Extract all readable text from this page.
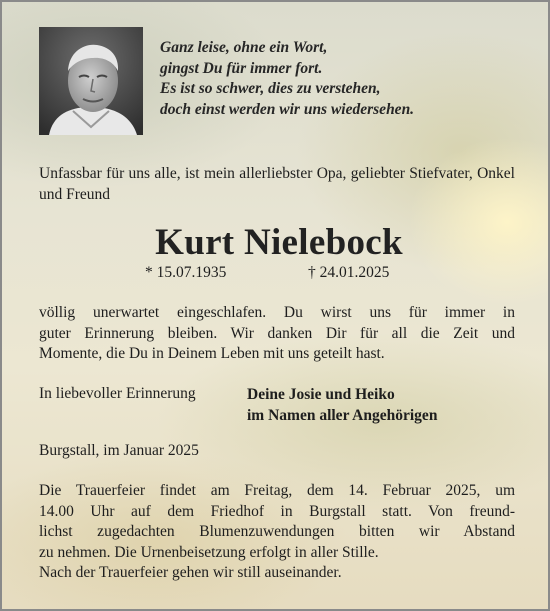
Ganz leise, ohne ein Wort,
gingst Du für immer fort.
Es ist so schwer, dies zu verstehen,
doch einst werden wir uns wiedersehen.
Unfassbar für uns alle, ist mein allerliebster Opa, geliebter Stiefvater, Onkel und Freund
Kurt Nielebock
* 15.07.1935	† 24.01.2025
völlig unerwartet eingeschlafen. Du wirst uns für immer in
guter Erinnerung bleiben. Wir danken Dir für all die Zeit und
Momente, die Du in Deinem Leben mit uns geteilt hast.
In liebevoller Erinnerung	Deine Josie und Heiko
im Namen aller Angehörigen
Burgstall, im Januar 2025
Die Trauerfeier findet am Freitag, dem 14. Februar 2025, um
14.00 Uhr auf dem Friedhof in Burgstall statt. Von freund-
lichst zugedachten Blumenzuwendungen bitten wir Abstand
zu nehmen. Die Urnenbeisetzung erfolgt in aller Stille.
Nach der Trauerfeier gehen wir still auseinander.
